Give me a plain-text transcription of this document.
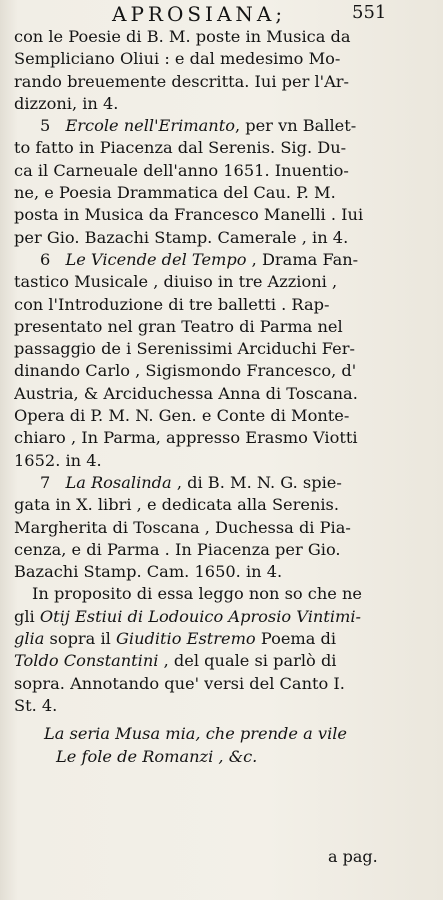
APROSIANA;	551
con le Poesie di B. M. poste in Musica da
Sempliciano Oliui : e dal medesimo Mo-
rando breuemente descritta. Iui per l'Ar-
dizzoni, in 4.
5 Ercole nell'Erimanto, per vn Ballet-
to fatto in Piacenza dal Serenis. Sig. Du-
ca il Carneuale dell'anno 1651. Inuentio-
ne, e Poesia Drammatica del Cau. P. M.
posta in Musica da Francesco Manelli . Iui
per Gio. Bazachi Stamp. Camerale , in 4.
6 Le Vicende del Tempo , Drama Fan-
tastico Musicale , diuiso in tre Azzioni ,
con l'Introduzione di tre balletti . Rap-
presentato nel gran Teatro di Parma nel
passaggio de i Serenissimi Arciduchi Fer-
dinando Carlo , Sigismondo Francesco, d'
Austria, & Arciduchessa Anna di Toscana.
Opera di P. M. N. Gen. e Conte di Monte-
chiaro , In Parma, appresso Erasmo Viotti
1652. in 4.
7 La Rosalinda , di B. M. N. G. spie-
gata in X. libri , e dedicata alla Serenis.
Margherita di Toscana , Duchessa di Pia-
cenza, e di Parma . In Piacenza per Gio.
Bazachi Stamp. Cam. 1650. in 4.
In proposito di essa leggo non so che ne
gli Otij Estiui di Lodouico Aprosio Vintimi-
glia sopra il Giuditio Estremo Poema di
Toldo Constantini , del quale si parlò di
sopra. Annotando que' versi del Canto I.
St. 4.
La seria Musa mia, che prende a vile
Le fole de Romanzi , &c.
a pag.
